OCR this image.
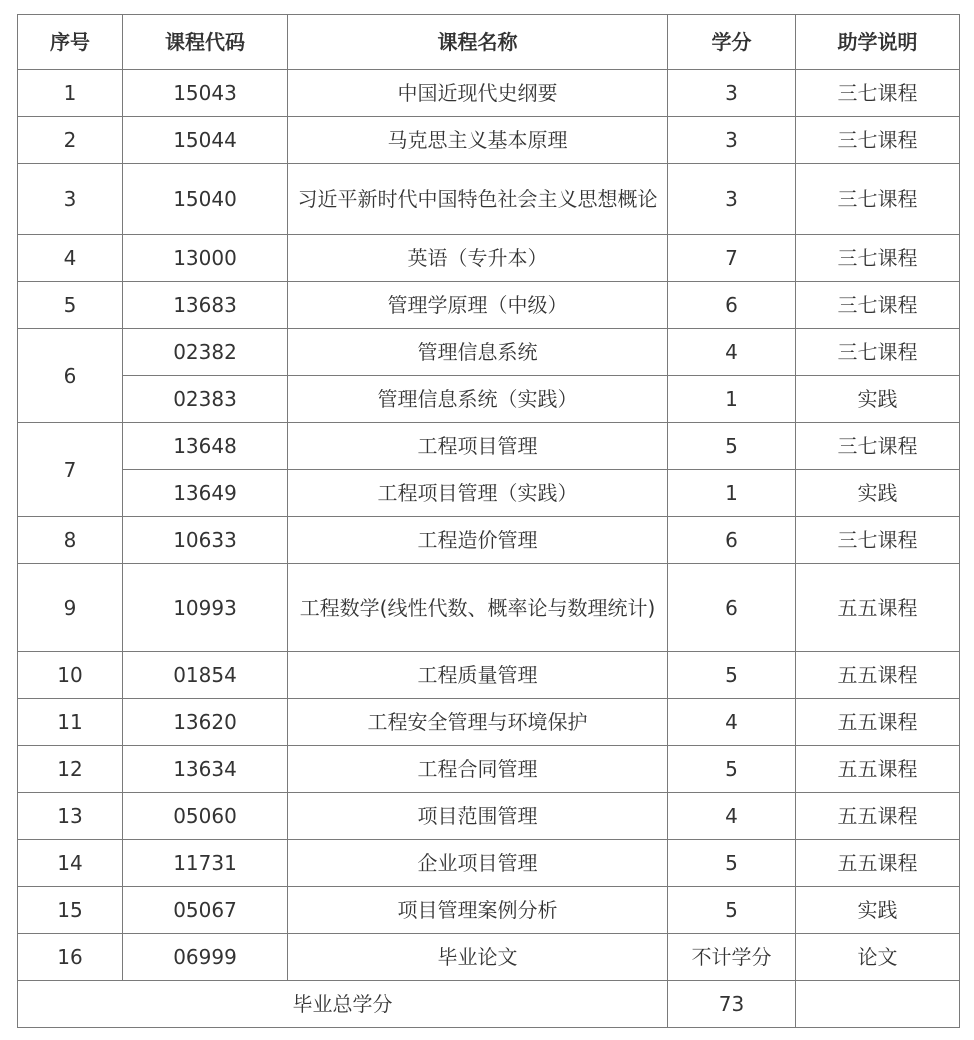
序号	课程代码	课程名称	学分	助学说明
1	15043	中国近现代史纲要	3	三七课程
2	15044	马克思主义基本原理	3	三七课程
3	15040	习近平新时代中国特色社会主义思想概论	3	三七课程
4	13000	英语（专升本）	7	三七课程
5	13683	管理学原理（中级）	6	三七课程
6	02382	管理信息系统	4	三七课程
	02383	管理信息系统（实践）	1	实践
7	13648	工程项目管理	5	三七课程
	13649	工程项目管理（实践）	1	实践
8	10633	工程造价管理	6	三七课程
9	10993	工程数学(线性代数、概率论与数理统计)	6	五五课程
10	01854	工程质量管理	5	五五课程
11	13620	工程安全管理与环境保护	4	五五课程
12	13634	工程合同管理	5	五五课程
13	05060	项目范围管理	4	五五课程
14	11731	企业项目管理	5	五五课程
15	05067	项目管理案例分析	5	实践
16	06999	毕业论文	不计学分	论文
毕业总学分			73	
